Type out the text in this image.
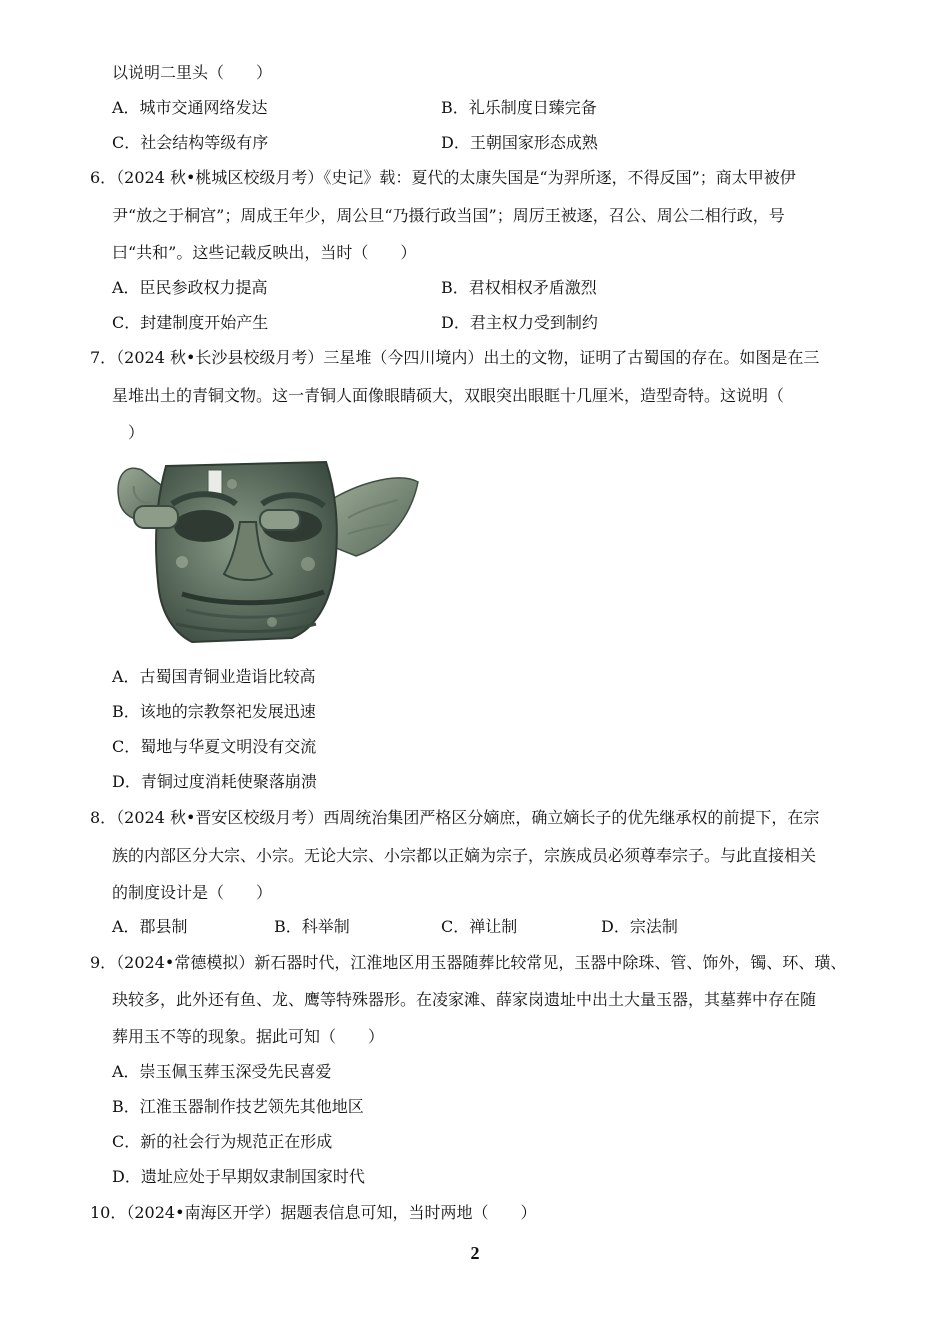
以说明二里头（　　）
A．城市交通网络发达	B．礼乐制度日臻完备
C．社会结构等级有序	D．王朝国家形态成熟
6．（2024 秋•桃城区校级月考）《史记》载：夏代的太康失国是“为羿所逐，不得反国”；商太甲被伊
尹“放之于桐宫”；周成王年少，周公旦“乃摄行政当国”；周厉王被逐，召公、周公二相行政，号
曰“共和”。这些记载反映出，当时（　　）
A．臣民参政权力提高	B．君权相权矛盾激烈
C．封建制度开始产生	D．君主权力受到制约
7．（2024 秋•长沙县校级月考）三星堆（今四川境内）出土的文物，证明了古蜀国的存在。如图是在三
星堆出土的青铜文物。这一青铜人面像眼睛硕大，双眼突出眼眶十几厘米，造型奇特。这说明（
）
A．古蜀国青铜业造诣比较高
B．该地的宗教祭祀发展迅速
C．蜀地与华夏文明没有交流
D．青铜过度消耗使聚落崩溃
8．（2024 秋•晋安区校级月考）西周统治集团严格区分嫡庶，确立嫡长子的优先继承权的前提下，在宗
族的内部区分大宗、小宗。无论大宗、小宗都以正嫡为宗子，宗族成员必须尊奉宗子。与此直接相关
的制度设计是（　　）
A．郡县制	B．科举制	C．禅让制	D．宗法制
9．（2024•常德模拟）新石器时代，江淮地区用玉器随葬比较常见，玉器中除珠、管、饰外，镯、环、璜、
玦较多，此外还有鱼、龙、鹰等特殊器形。在凌家滩、薛家岗遗址中出土大量玉器，其墓葬中存在随
葬用玉不等的现象。据此可知（　　）
A．崇玉佩玉葬玉深受先民喜爱
B．江淮玉器制作技艺领先其他地区
C．新的社会行为规范正在形成
D．遗址应处于早期奴隶制国家时代
10．（2024•南海区开学）据题表信息可知，当时两地（　　）
2
